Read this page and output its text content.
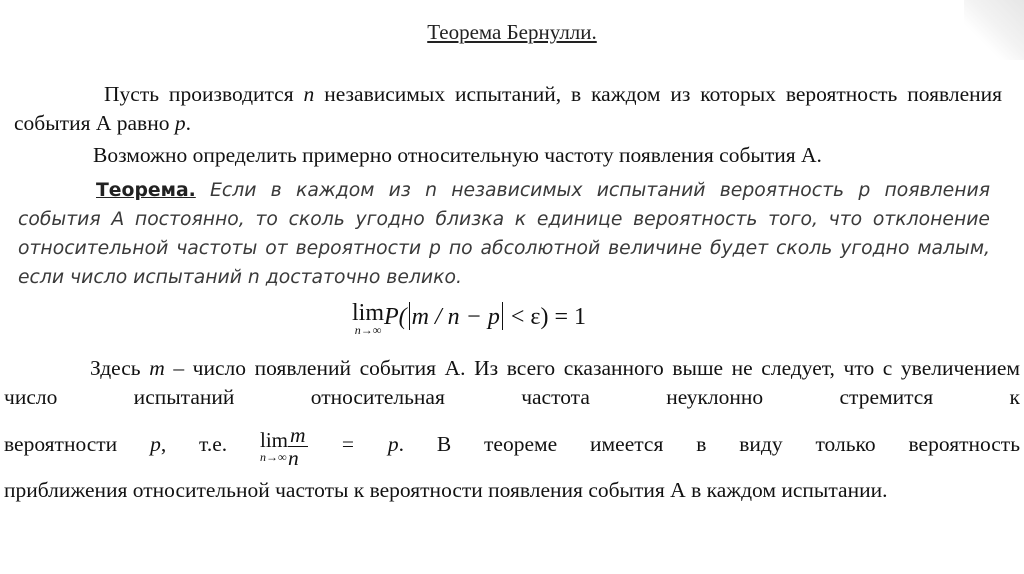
Теорема Бернулли.
Пусть производится n независимых испытаний, в каждом из которых вероятность появления события А равно p.
Возможно определить примерно относительную частоту появления события А.
Теорема. Если в каждом из n независимых испытаний вероятность p появления события А постоянно, то сколь угодно близка к единице вероятность того, что отклонение относительной частоты от вероятности p по абсолютной величине будет сколь угодно малым, если число испытаний n достаточно велико.
lim
n→∞ P( m / n − p < ε) = 1
Здесь m – число появлений события А. Из всего сказанного выше не следует, что с увеличением число испытаний относительная частота неуклонно стремится к
вероятности p, т.е. lim
$n\to\infty \frac{m}{n} = p$. В теореме имеется в виду только вероятность
приближения относительной частоты к вероятности появления события А в каждом испытании.
